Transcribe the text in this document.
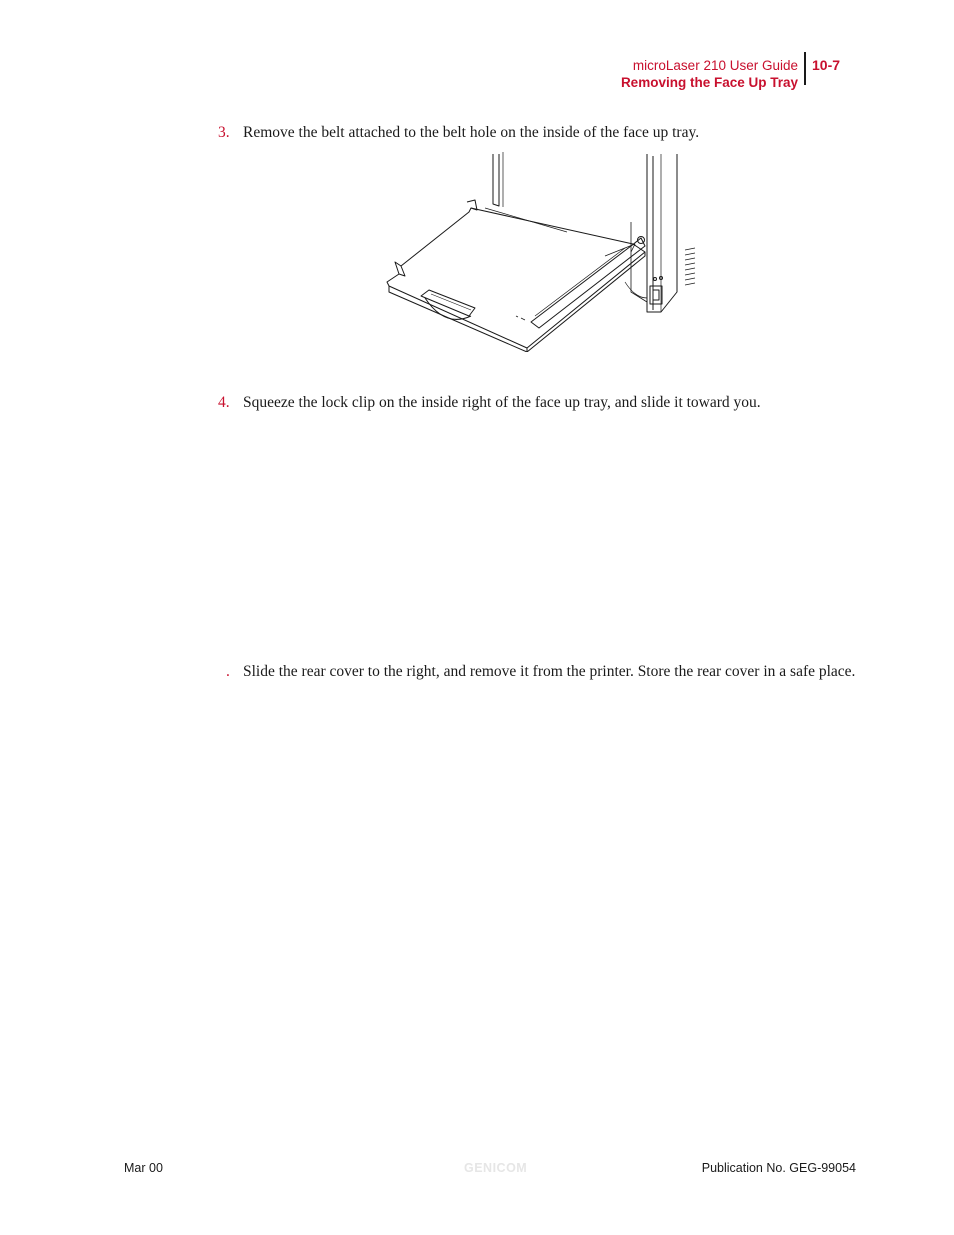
microLaser 210 User Guide
Removing the Face Up Tray
10-7
3. Remove the belt attached to the belt hole on the inside of the face up tray.
4. Squeeze the lock clip on the inside right of the face up tray, and slide it toward you.
. Slide the rear cover to the right, and remove it from the printer. Store the rear cover in a safe place.
Mar 00	GENICOM	Publication No. GEG-99054
